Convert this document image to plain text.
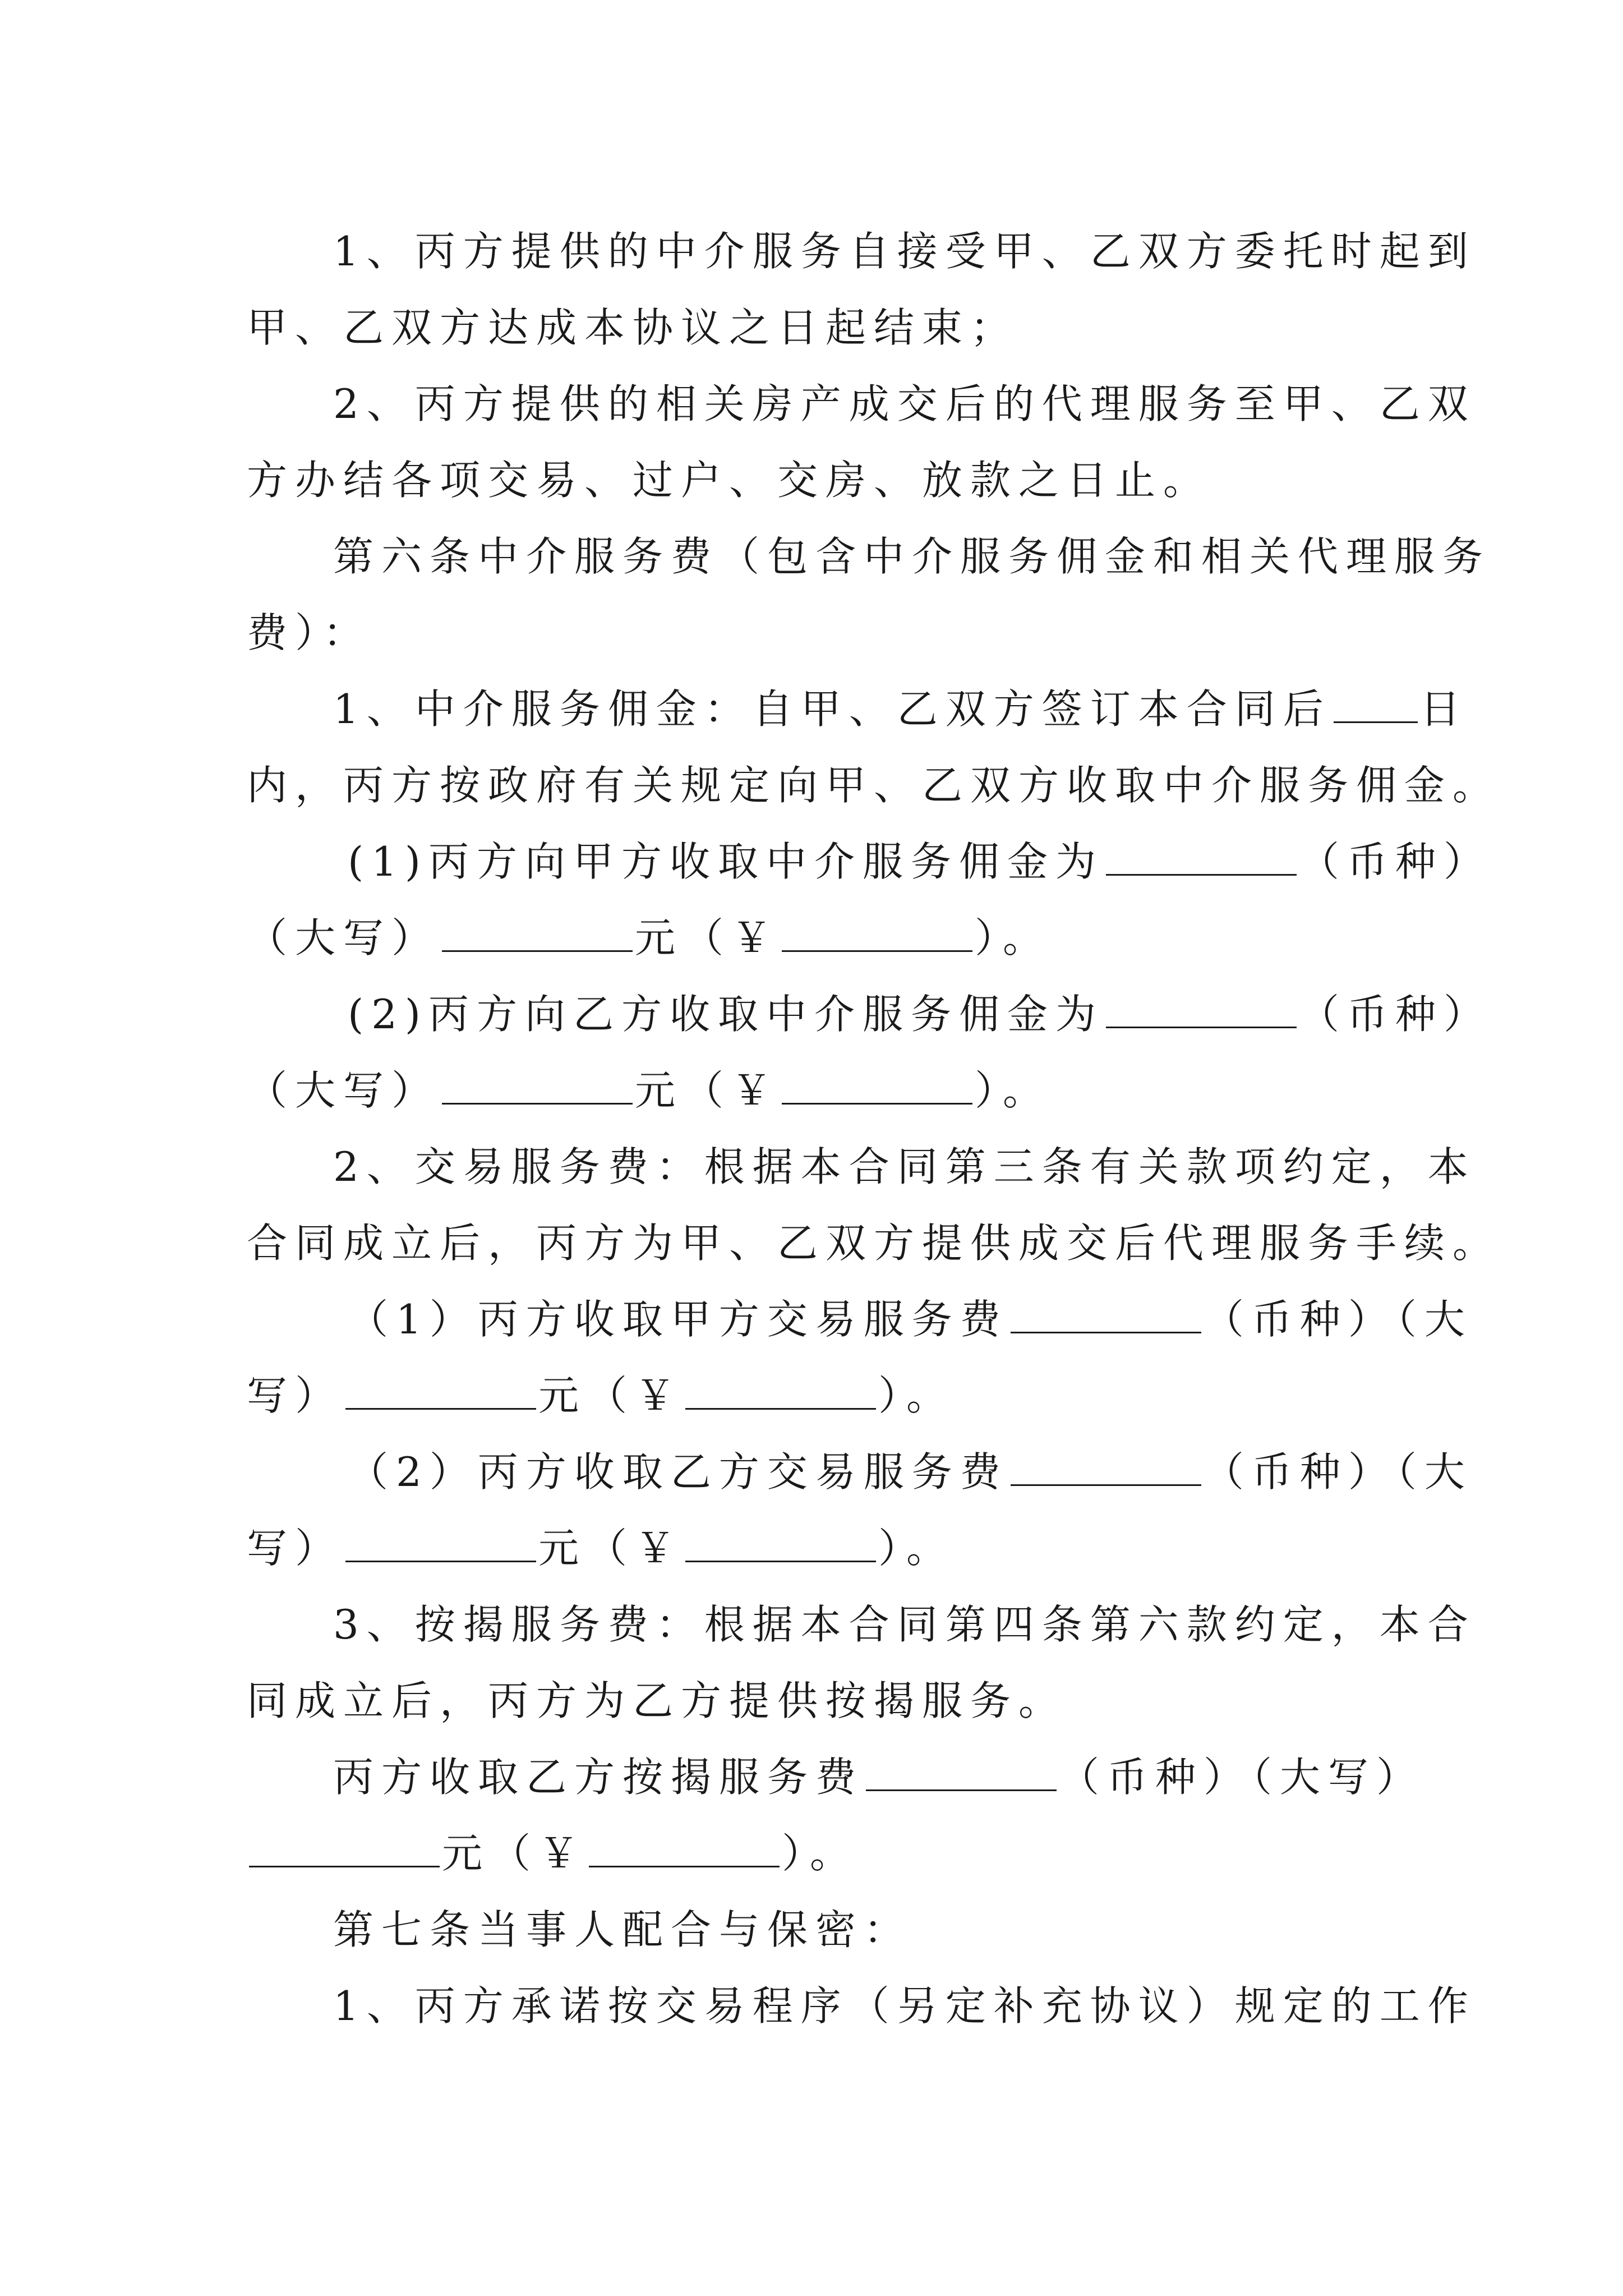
1、丙方提供的中介服务自接受甲、乙双方委托时起到
甲、乙双方达成本协议之日起结束；
2、丙方提供的相关房产成交后的代理服务至甲、乙双
方办结各项交易、过户、交房、放款之日止。
第六条中介服务费（包含中介服务佣金和相关代理服务
费）：
1、中介服务佣金：自甲、乙双方签订本合同后 日
内，丙方按政府有关规定向甲、乙双方收取中介服务佣金。
(1)丙方向甲方收取中介服务佣金为	（币种）
（大写）	元（￥	）。
(2)丙方向乙方收取中介服务佣金为	（币种）
（大写）	元（￥	）。
2、交易服务费：根据本合同第三条有关款项约定，本
合同成立后，丙方为甲、乙双方提供成交后代理服务手续。
（1）丙方收取甲方交易服务费	（币种）（大
写）	元（￥	）。
（2）丙方收取乙方交易服务费	（币种）（大
写）	元（￥	）。
3、按揭服务费：根据本合同第四条第六款约定，本合
同成立后，丙方为乙方提供按揭服务。
丙方收取乙方按揭服务费	（币种）（大写）
元（￥	）。
第七条当事人配合与保密：
1、丙方承诺按交易程序（另定补充协议）规定的工作
